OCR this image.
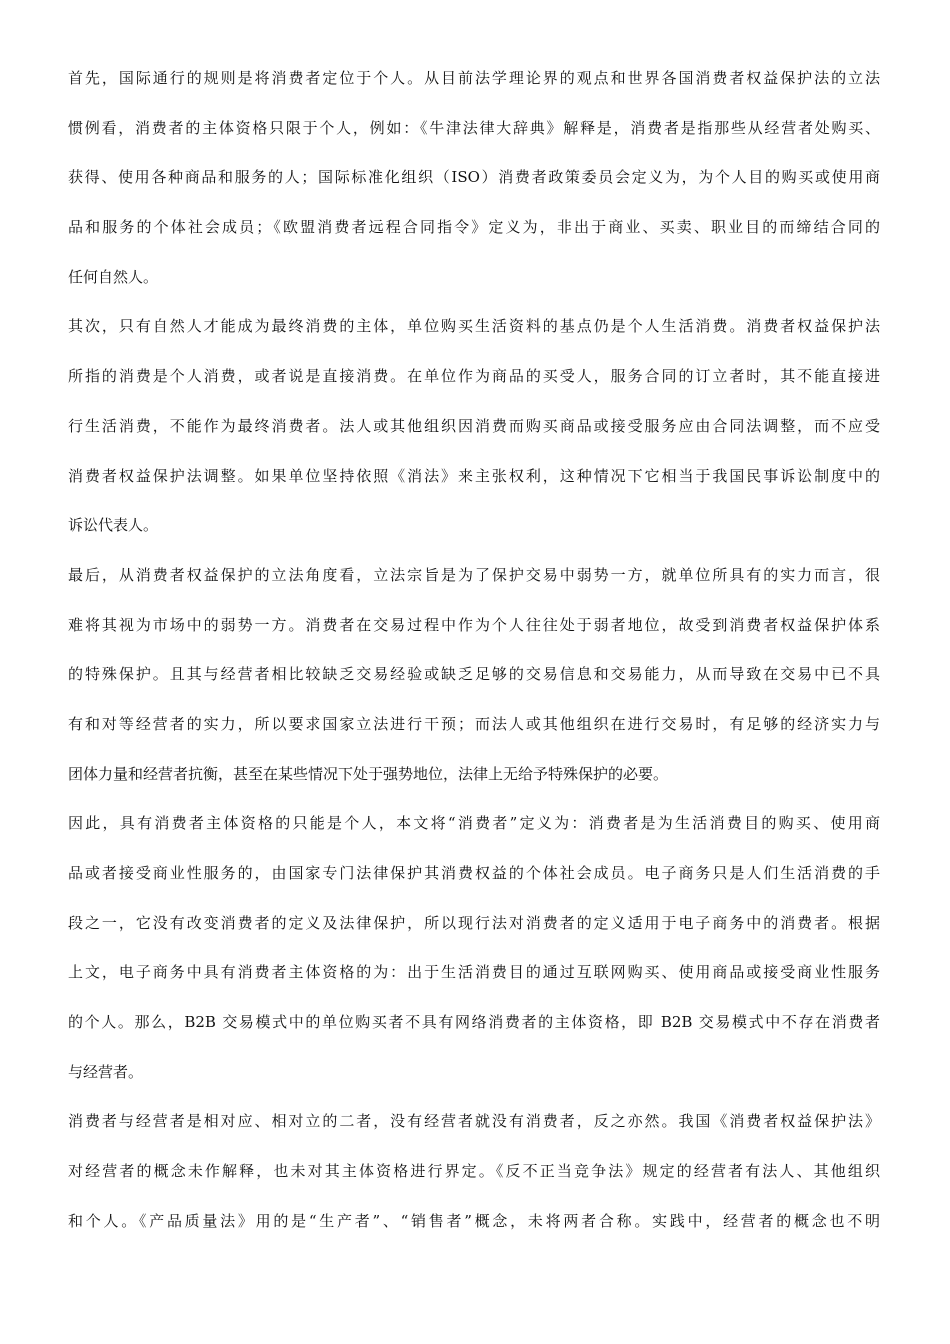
首先，国际通行的规则是将消费者定位于个人。从目前法学理论界的观点和世界各国消费者权益保护法的立法
惯例看，消费者的主体资格只限于个人，例如：《牛津法律大辞典》解释是，消费者是指那些从经营者处购买、
获得、使用各种商品和服务的人；国际标准化组织（ISO）消费者政策委员会定义为，为个人目的购买或使用商
品和服务的个体社会成员；《欧盟消费者远程合同指令》定义为，非出于商业、买卖、职业目的而缔结合同的
任何自然人。
其次，只有自然人才能成为最终消费的主体，单位购买生活资料的基点仍是个人生活消费。消费者权益保护法
所指的消费是个人消费，或者说是直接消费。在单位作为商品的买受人，服务合同的订立者时，其不能直接进
行生活消费，不能作为最终消费者。法人或其他组织因消费而购买商品或接受服务应由合同法调整，而不应受
消费者权益保护法调整。如果单位坚持依照《消法》来主张权利，这种情况下它相当于我国民事诉讼制度中的
诉讼代表人。
最后，从消费者权益保护的立法角度看，立法宗旨是为了保护交易中弱势一方，就单位所具有的实力而言，很
难将其视为市场中的弱势一方。消费者在交易过程中作为个人往往处于弱者地位，故受到消费者权益保护体系
的特殊保护。且其与经营者相比较缺乏交易经验或缺乏足够的交易信息和交易能力，从而导致在交易中已不具
有和对等经营者的实力，所以要求国家立法进行干预；而法人或其他组织在进行交易时，有足够的经济实力与
团体力量和经营者抗衡，甚至在某些情况下处于强势地位，法律上无给予特殊保护的必要。
因此，具有消费者主体资格的只能是个人，本文将“消费者”定义为：消费者是为生活消费目的购买、使用商
品或者接受商业性服务的，由国家专门法律保护其消费权益的个体社会成员。电子商务只是人们生活消费的手
段之一，它没有改变消费者的定义及法律保护，所以现行法对消费者的定义适用于电子商务中的消费者。根据
上文，电子商务中具有消费者主体资格的为：出于生活消费目的通过互联网购买、使用商品或接受商业性服务
的个人。那么，B2B 交易模式中的单位购买者不具有网络消费者的主体资格，即 B2B 交易模式中不存在消费者
与经营者。
消费者与经营者是相对应、相对立的二者，没有经营者就没有消费者，反之亦然。我国《消费者权益保护法》
对经营者的概念未作解释，也未对其主体资格进行界定。《反不正当竞争法》规定的经营者有法人、其他组织
和个人。《产品质量法》用的是“生产者”、“销售者”概念，未将两者合称。实践中，经营者的概念也不明
